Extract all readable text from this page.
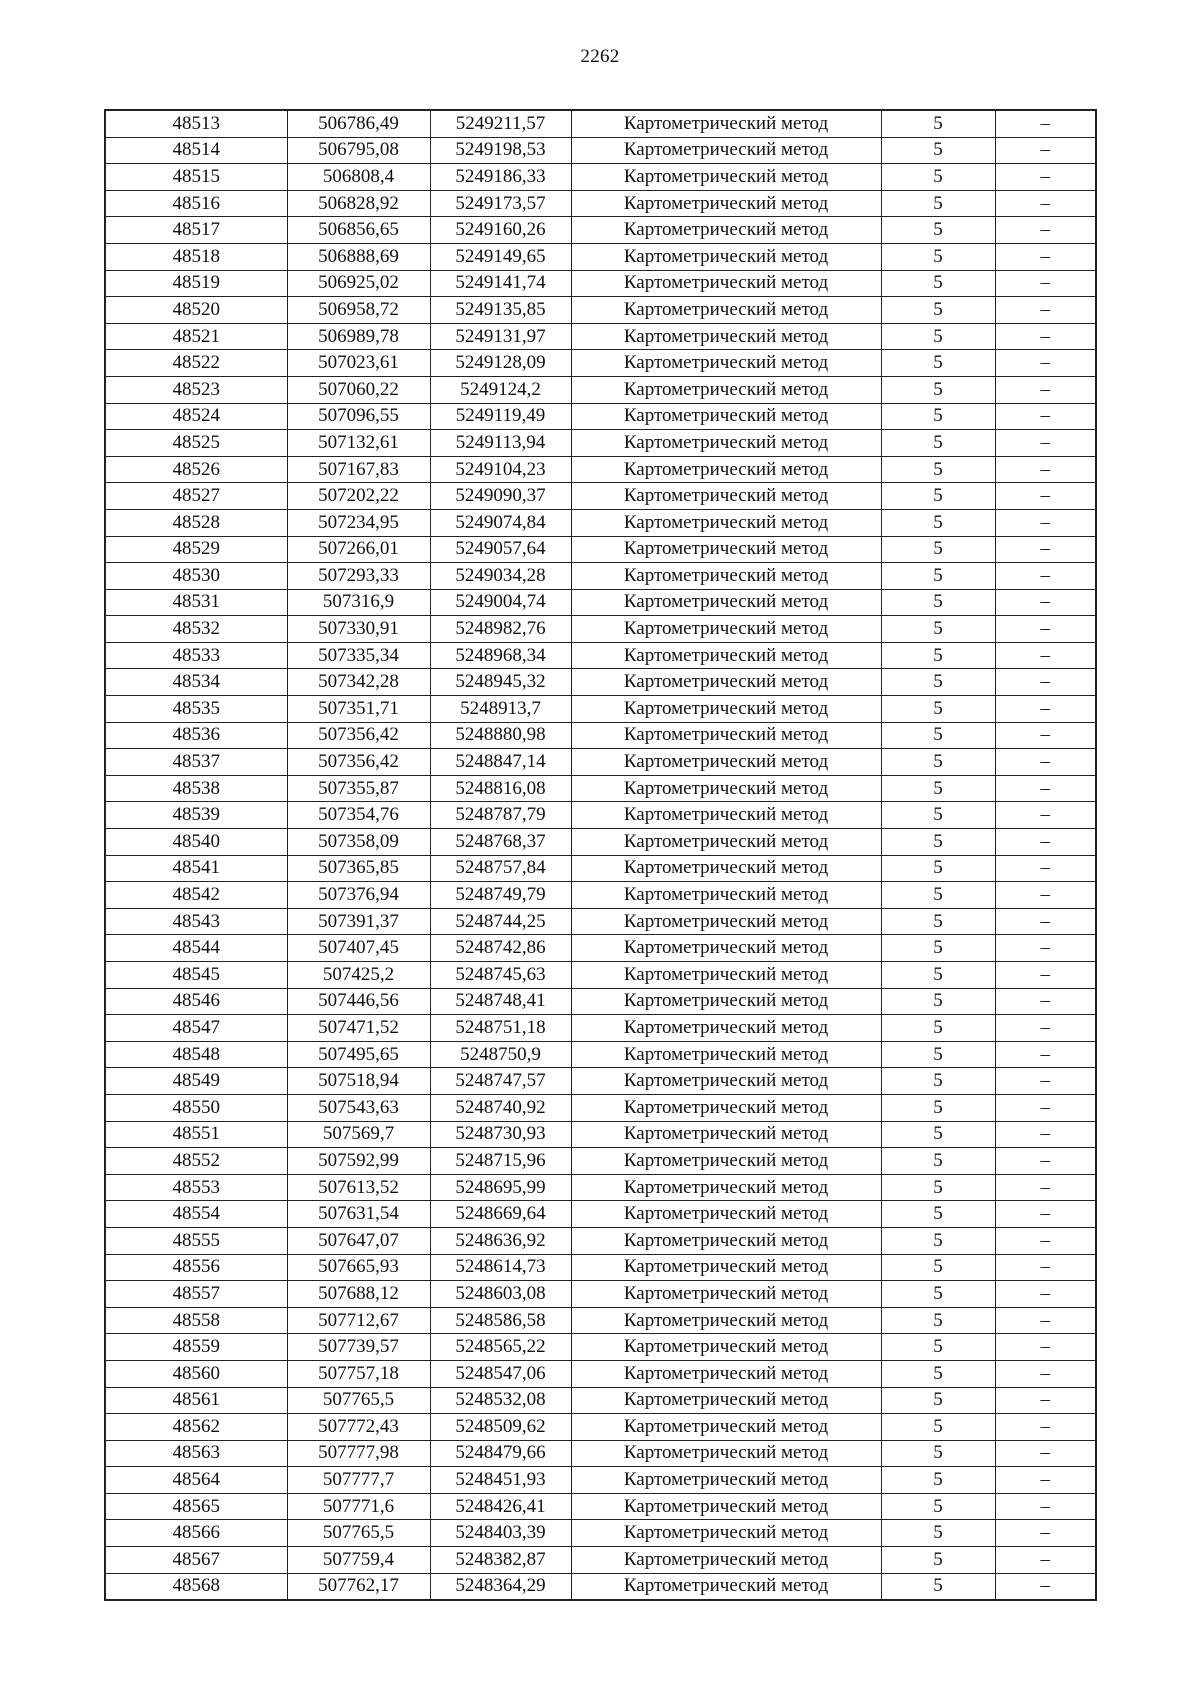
2262
48513	506786,49	5249211,57	Картометрический метод	5	–
48514	506795,08	5249198,53	Картометрический метод	5	–
48515	506808,4	5249186,33	Картометрический метод	5	–
48516	506828,92	5249173,57	Картометрический метод	5	–
48517	506856,65	5249160,26	Картометрический метод	5	–
48518	506888,69	5249149,65	Картометрический метод	5	–
48519	506925,02	5249141,74	Картометрический метод	5	–
48520	506958,72	5249135,85	Картометрический метод	5	–
48521	506989,78	5249131,97	Картометрический метод	5	–
48522	507023,61	5249128,09	Картометрический метод	5	–
48523	507060,22	5249124,2	Картометрический метод	5	–
48524	507096,55	5249119,49	Картометрический метод	5	–
48525	507132,61	5249113,94	Картометрический метод	5	–
48526	507167,83	5249104,23	Картометрический метод	5	–
48527	507202,22	5249090,37	Картометрический метод	5	–
48528	507234,95	5249074,84	Картометрический метод	5	–
48529	507266,01	5249057,64	Картометрический метод	5	–
48530	507293,33	5249034,28	Картометрический метод	5	–
48531	507316,9	5249004,74	Картометрический метод	5	–
48532	507330,91	5248982,76	Картометрический метод	5	–
48533	507335,34	5248968,34	Картометрический метод	5	–
48534	507342,28	5248945,32	Картометрический метод	5	–
48535	507351,71	5248913,7	Картометрический метод	5	–
48536	507356,42	5248880,98	Картометрический метод	5	–
48537	507356,42	5248847,14	Картометрический метод	5	–
48538	507355,87	5248816,08	Картометрический метод	5	–
48539	507354,76	5248787,79	Картометрический метод	5	–
48540	507358,09	5248768,37	Картометрический метод	5	–
48541	507365,85	5248757,84	Картометрический метод	5	–
48542	507376,94	5248749,79	Картометрический метод	5	–
48543	507391,37	5248744,25	Картометрический метод	5	–
48544	507407,45	5248742,86	Картометрический метод	5	–
48545	507425,2	5248745,63	Картометрический метод	5	–
48546	507446,56	5248748,41	Картометрический метод	5	–
48547	507471,52	5248751,18	Картометрический метод	5	–
48548	507495,65	5248750,9	Картометрический метод	5	–
48549	507518,94	5248747,57	Картометрический метод	5	–
48550	507543,63	5248740,92	Картометрический метод	5	–
48551	507569,7	5248730,93	Картометрический метод	5	–
48552	507592,99	5248715,96	Картометрический метод	5	–
48553	507613,52	5248695,99	Картометрический метод	5	–
48554	507631,54	5248669,64	Картометрический метод	5	–
48555	507647,07	5248636,92	Картометрический метод	5	–
48556	507665,93	5248614,73	Картометрический метод	5	–
48557	507688,12	5248603,08	Картометрический метод	5	–
48558	507712,67	5248586,58	Картометрический метод	5	–
48559	507739,57	5248565,22	Картометрический метод	5	–
48560	507757,18	5248547,06	Картометрический метод	5	–
48561	507765,5	5248532,08	Картометрический метод	5	–
48562	507772,43	5248509,62	Картометрический метод	5	–
48563	507777,98	5248479,66	Картометрический метод	5	–
48564	507777,7	5248451,93	Картометрический метод	5	–
48565	507771,6	5248426,41	Картометрический метод	5	–
48566	507765,5	5248403,39	Картометрический метод	5	–
48567	507759,4	5248382,87	Картометрический метод	5	–
48568	507762,17	5248364,29	Картометрический метод	5	–
